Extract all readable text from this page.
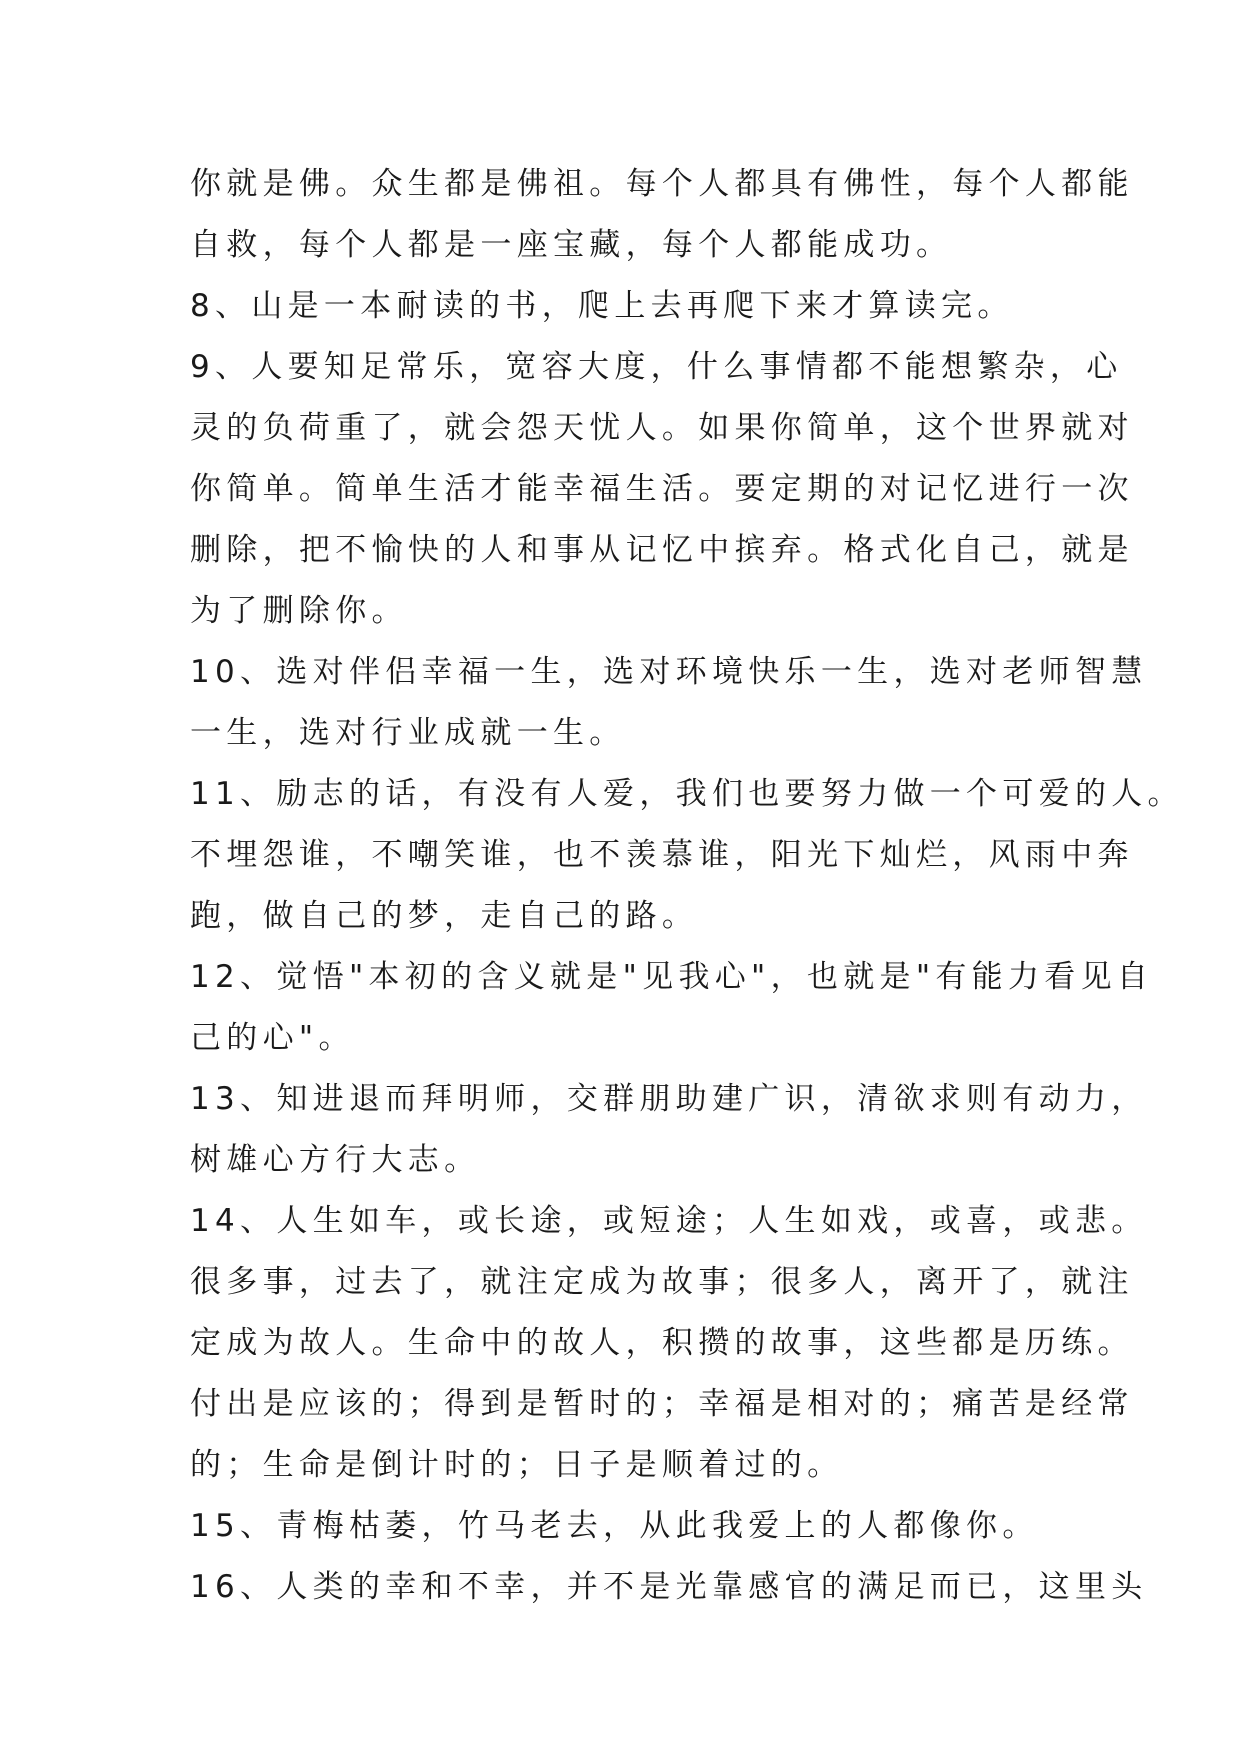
你就是佛。众生都是佛祖。每个人都具有佛性，每个人都能
自救，每个人都是一座宝藏，每个人都能成功。
8、山是一本耐读的书，爬上去再爬下来才算读完。
9、人要知足常乐，宽容大度，什么事情都不能想繁杂，心
灵的负荷重了，就会怨天忧人。如果你简单，这个世界就对
你简单。简单生活才能幸福生活。要定期的对记忆进行一次
删除，把不愉快的人和事从记忆中摈弃。格式化自己，就是
为了删除你。
10、选对伴侣幸福一生，选对环境快乐一生，选对老师智慧
一生，选对行业成就一生。
11、励志的话，有没有人爱，我们也要努力做一个可爱的人。
不埋怨谁，不嘲笑谁，也不羡慕谁，阳光下灿烂，风雨中奔
跑，做自己的梦，走自己的路。
12、觉悟"本初的含义就是"见我心"，也就是"有能力看见自
己的心"。
13、知进退而拜明师，交群朋助建广识，清欲求则有动力，
树雄心方行大志。
14、人生如车，或长途，或短途；人生如戏，或喜，或悲。
很多事，过去了，就注定成为故事；很多人，离开了，就注
定成为故人。生命中的故人，积攒的故事，这些都是历练。
付出是应该的；得到是暂时的；幸福是相对的；痛苦是经常
的；生命是倒计时的；日子是顺着过的。
15、青梅枯萎，竹马老去，从此我爱上的人都像你。
16、人类的幸和不幸，并不是光靠感官的满足而已，这里头
